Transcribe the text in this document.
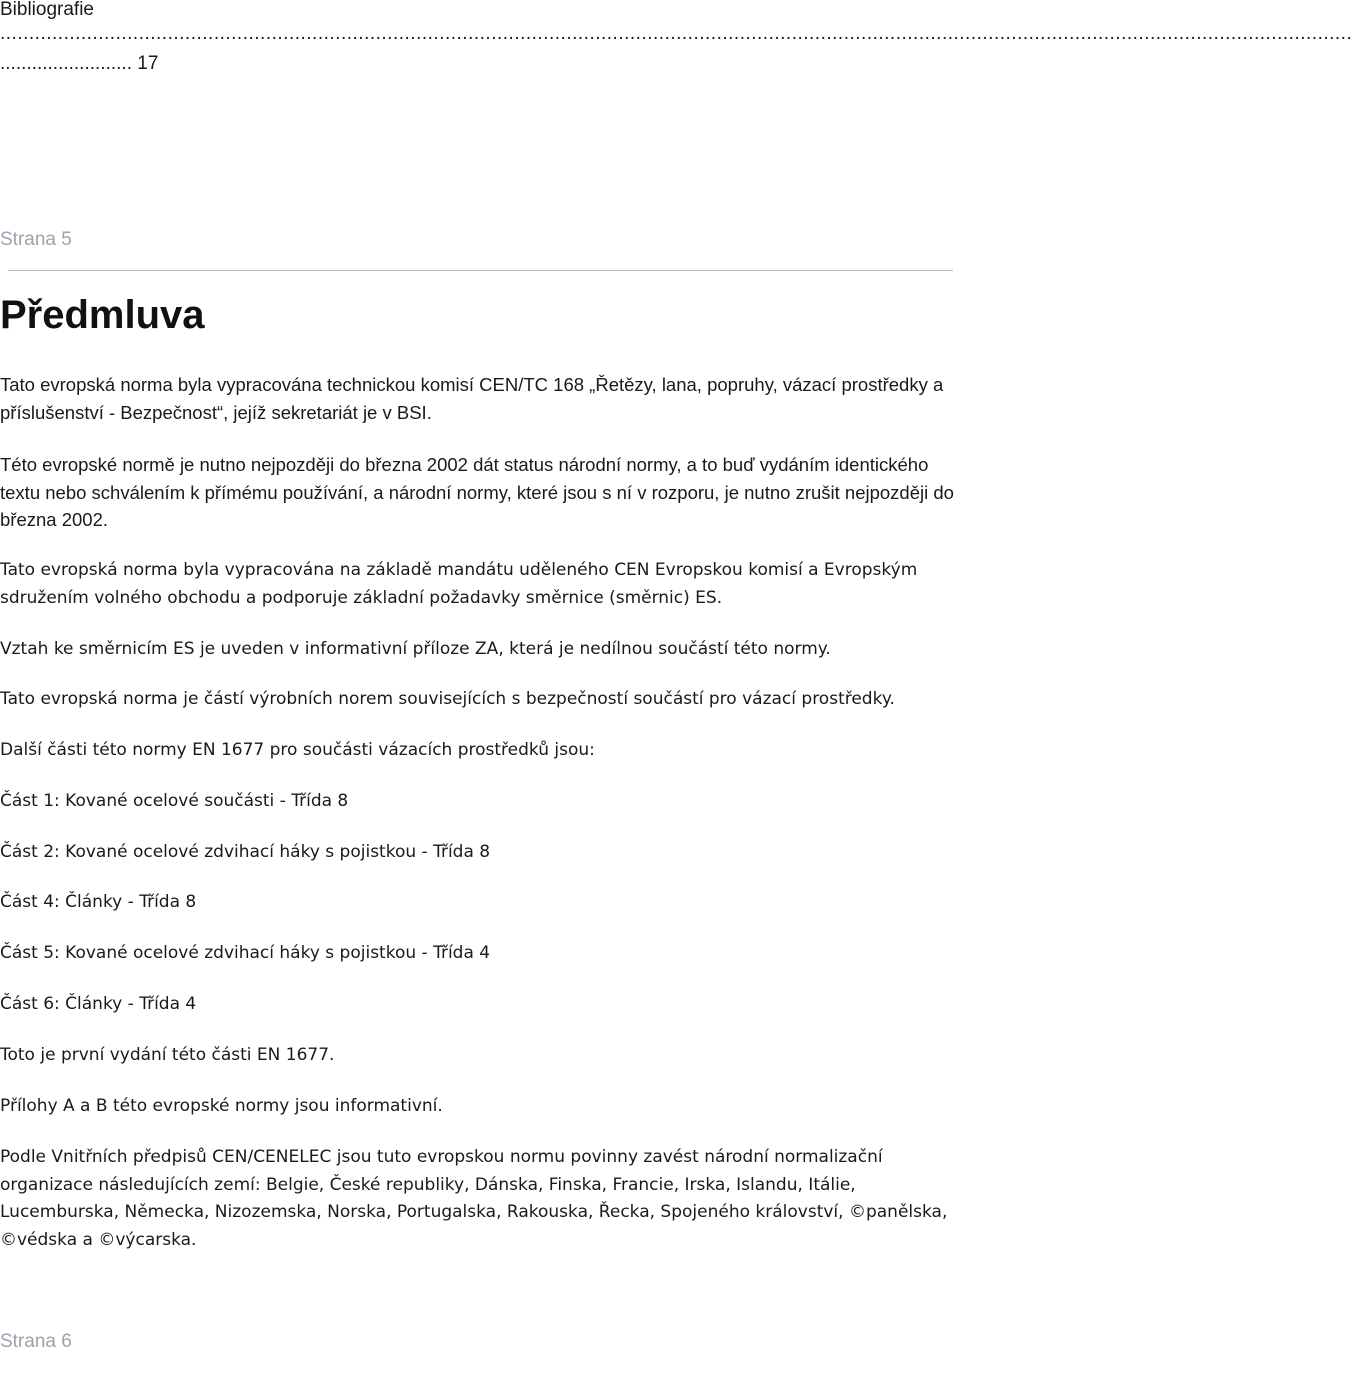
Bibliografie
..........................................................................................................................................................................................................................................
......................... 17
Strana 5
Předmluva

Tato evropská norma byla vypracována technickou komisí CEN/TC 168 „Řetězy, lana, popruhy, vázací prostředky a příslušenství - Bezpečnost“, jejíž sekretariát je v BSI.

Této evropské normě je nutno nejpozději do března 2002 dát status národní normy, a to buď vydáním identického textu nebo schválením k přímému používání, a národní normy, které jsou s ní v rozporu, je nutno zrušit nejpozději do března 2002.

Tato evropská norma byla vypracována na základě mandátu uděleného CEN Evropskou komisí a Evropským sdružením volného obchodu a podporuje základní požadavky směrnice (směrnic) ES.

Vztah ke směrnicím ES je uveden v informativní příloze ZA, která je nedílnou součástí této normy.

Tato evropská norma je částí výrobních norem souvisejících s bezpečností součástí pro vázací prostředky.

Další části této normy EN 1677 pro součásti vázacích prostředků jsou:

Část 1: Kované ocelové součásti - Třída 8

Část 2: Kované ocelové zdvihací háky s pojistkou - Třída 8

Část 4: Články - Třída 8

Část 5: Kované ocelové zdvihací háky s pojistkou - Třída 4

Část 6: Články - Třída 4

Toto je první vydání této části EN 1677.

Přílohy A a B této evropské normy jsou informativní.

Podle Vnitřních předpisů CEN/CENELEC jsou tuto evropskou normu povinny zavést národní normalizační organizace následujících zemí: Belgie, České republiky, Dánska, Finska, Francie, Irska, Islandu, Itálie, Lucemburska, Německa, Nizozemska, Norska, Portugalska, Rakouska, Řecka, Spojeného království, ©panělska, ©védska a ©výcarska.

Strana 6
